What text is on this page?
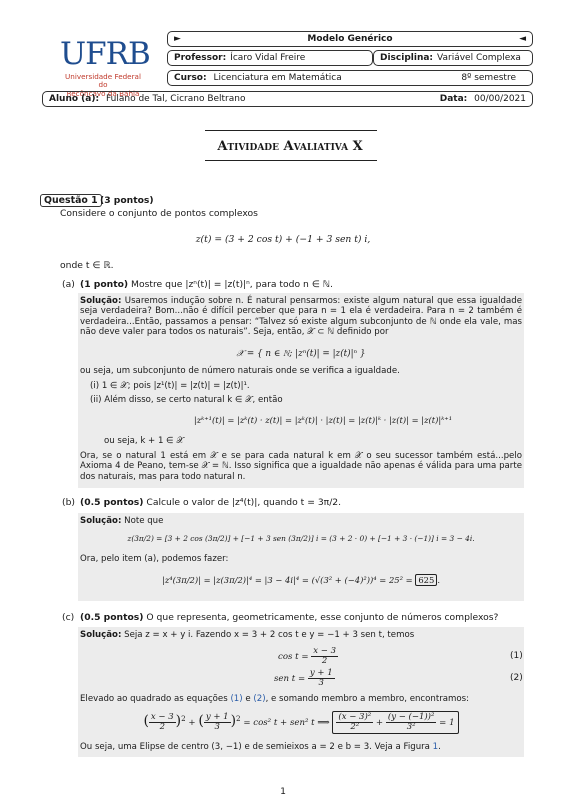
UFRB
Universidade Federal do
Recôncavo da Bahia
►	Modelo Genérico	◄
Professor: Ícaro Vidal Freire	Disciplina: Variável Complexa
Curso: Licenciatura em Matemática	8º semestre
Aluno (a): Fulano de Tal, Cicrano Beltrano	Data: 00/00/2021
Atividade Avaliativa X
Questão 1 (3 pontos)
Considere o conjunto de pontos complexos
z(t) = (3 + 2 cos t) + (−1 + 3 sen t) i,
onde t ∈ ℝ.
(a) (1 ponto) Mostre que |zⁿ(t)| = |z(t)|ⁿ, para todo n ∈ ℕ.

Solução: Usaremos indução sobre n. É natural pensarmos: existe algum natural que essa igualdade seja verdadeira? Bom...não é difícil perceber que para n = 1 ela é verdadeira. Para n = 2 também é verdadeira...Então, passamos a pensar: “Talvez só existe algum subconjunto de ℕ onde ela vale, mas não deve valer para todos os naturais”. Seja, então, 𝒳 ⊂ ℕ definido por

𝒳 = { n ∈ ℕ; |zⁿ(t)| = |z(t)|ⁿ }
ou seja, um subconjunto de número naturais onde se verifica a igualdade.
(i) 1 ∈ 𝒳; pois |z¹(t)| = |z(t)| = |z(t)|¹.
(ii) Além disso, se certo natural k ∈ 𝒳, então
|zᵏ⁺¹(t)| = |zᵏ(t) · z(t)| = |zᵏ(t)| · |z(t)| = |z(t)|ᵏ · |z(t)| = |z(t)|ᵏ⁺¹
ou seja, k + 1 ∈ 𝒳

Ora, se o natural 1 está em 𝒳 e se para cada natural k em 𝒳 o seu sucessor também está...pelo Axioma 4 de Peano, tem-se 𝒳 = ℕ. Isso significa que a igualdade não apenas é válida para uma parte dos naturais, mas para todo natural n.

(b) (0.5 pontos) Calcule o valor de |z⁴(t)|, quando t = 3π/2.
Solução: Note que
z(3π/2) = [3 + 2 cos (3π/2)] + [−1 + 3 sen (3π/2)] i = (3 + 2 · 0) + [−1 + 3 · (−1)] i = 3 − 4i.
Ora, pelo item (a), podemos fazer:
|z⁴(3π/2)| = |z(3π/2)|⁴ = |3 − 4i|⁴ = (√(3² + (−4)²))⁴ = 25² = 625 .
(c) (0.5 pontos) O que representa, geometricamente, esse conjunto de números complexos?
Solução: Seja z = x + y i. Fazendo x = 3 + 2 cos t e y = −1 + 3 sen t, temos
$\cos t = \frac{x - 3}{2}$	(1)
sen $t = \frac{y + 1}{3}$	(2)
Elevado ao quadrado as equações (1) e (2), e somando membro a membro, encontramos:
( $\frac{x - 3}{2} )^2$ + ( $\frac{y + 1}{3} )^2 = \cos^2$ t + sen² t ⟹ $\frac{\text{(x − 3)²}}{\text{2²}} + \frac{\text{(y − (−1))²}}{\text{3²}} = 1$
Ou seja, uma Elipse de centro (3, −1) e de semieixos a = 2 e b = 3. Veja a Figura 1.
1
